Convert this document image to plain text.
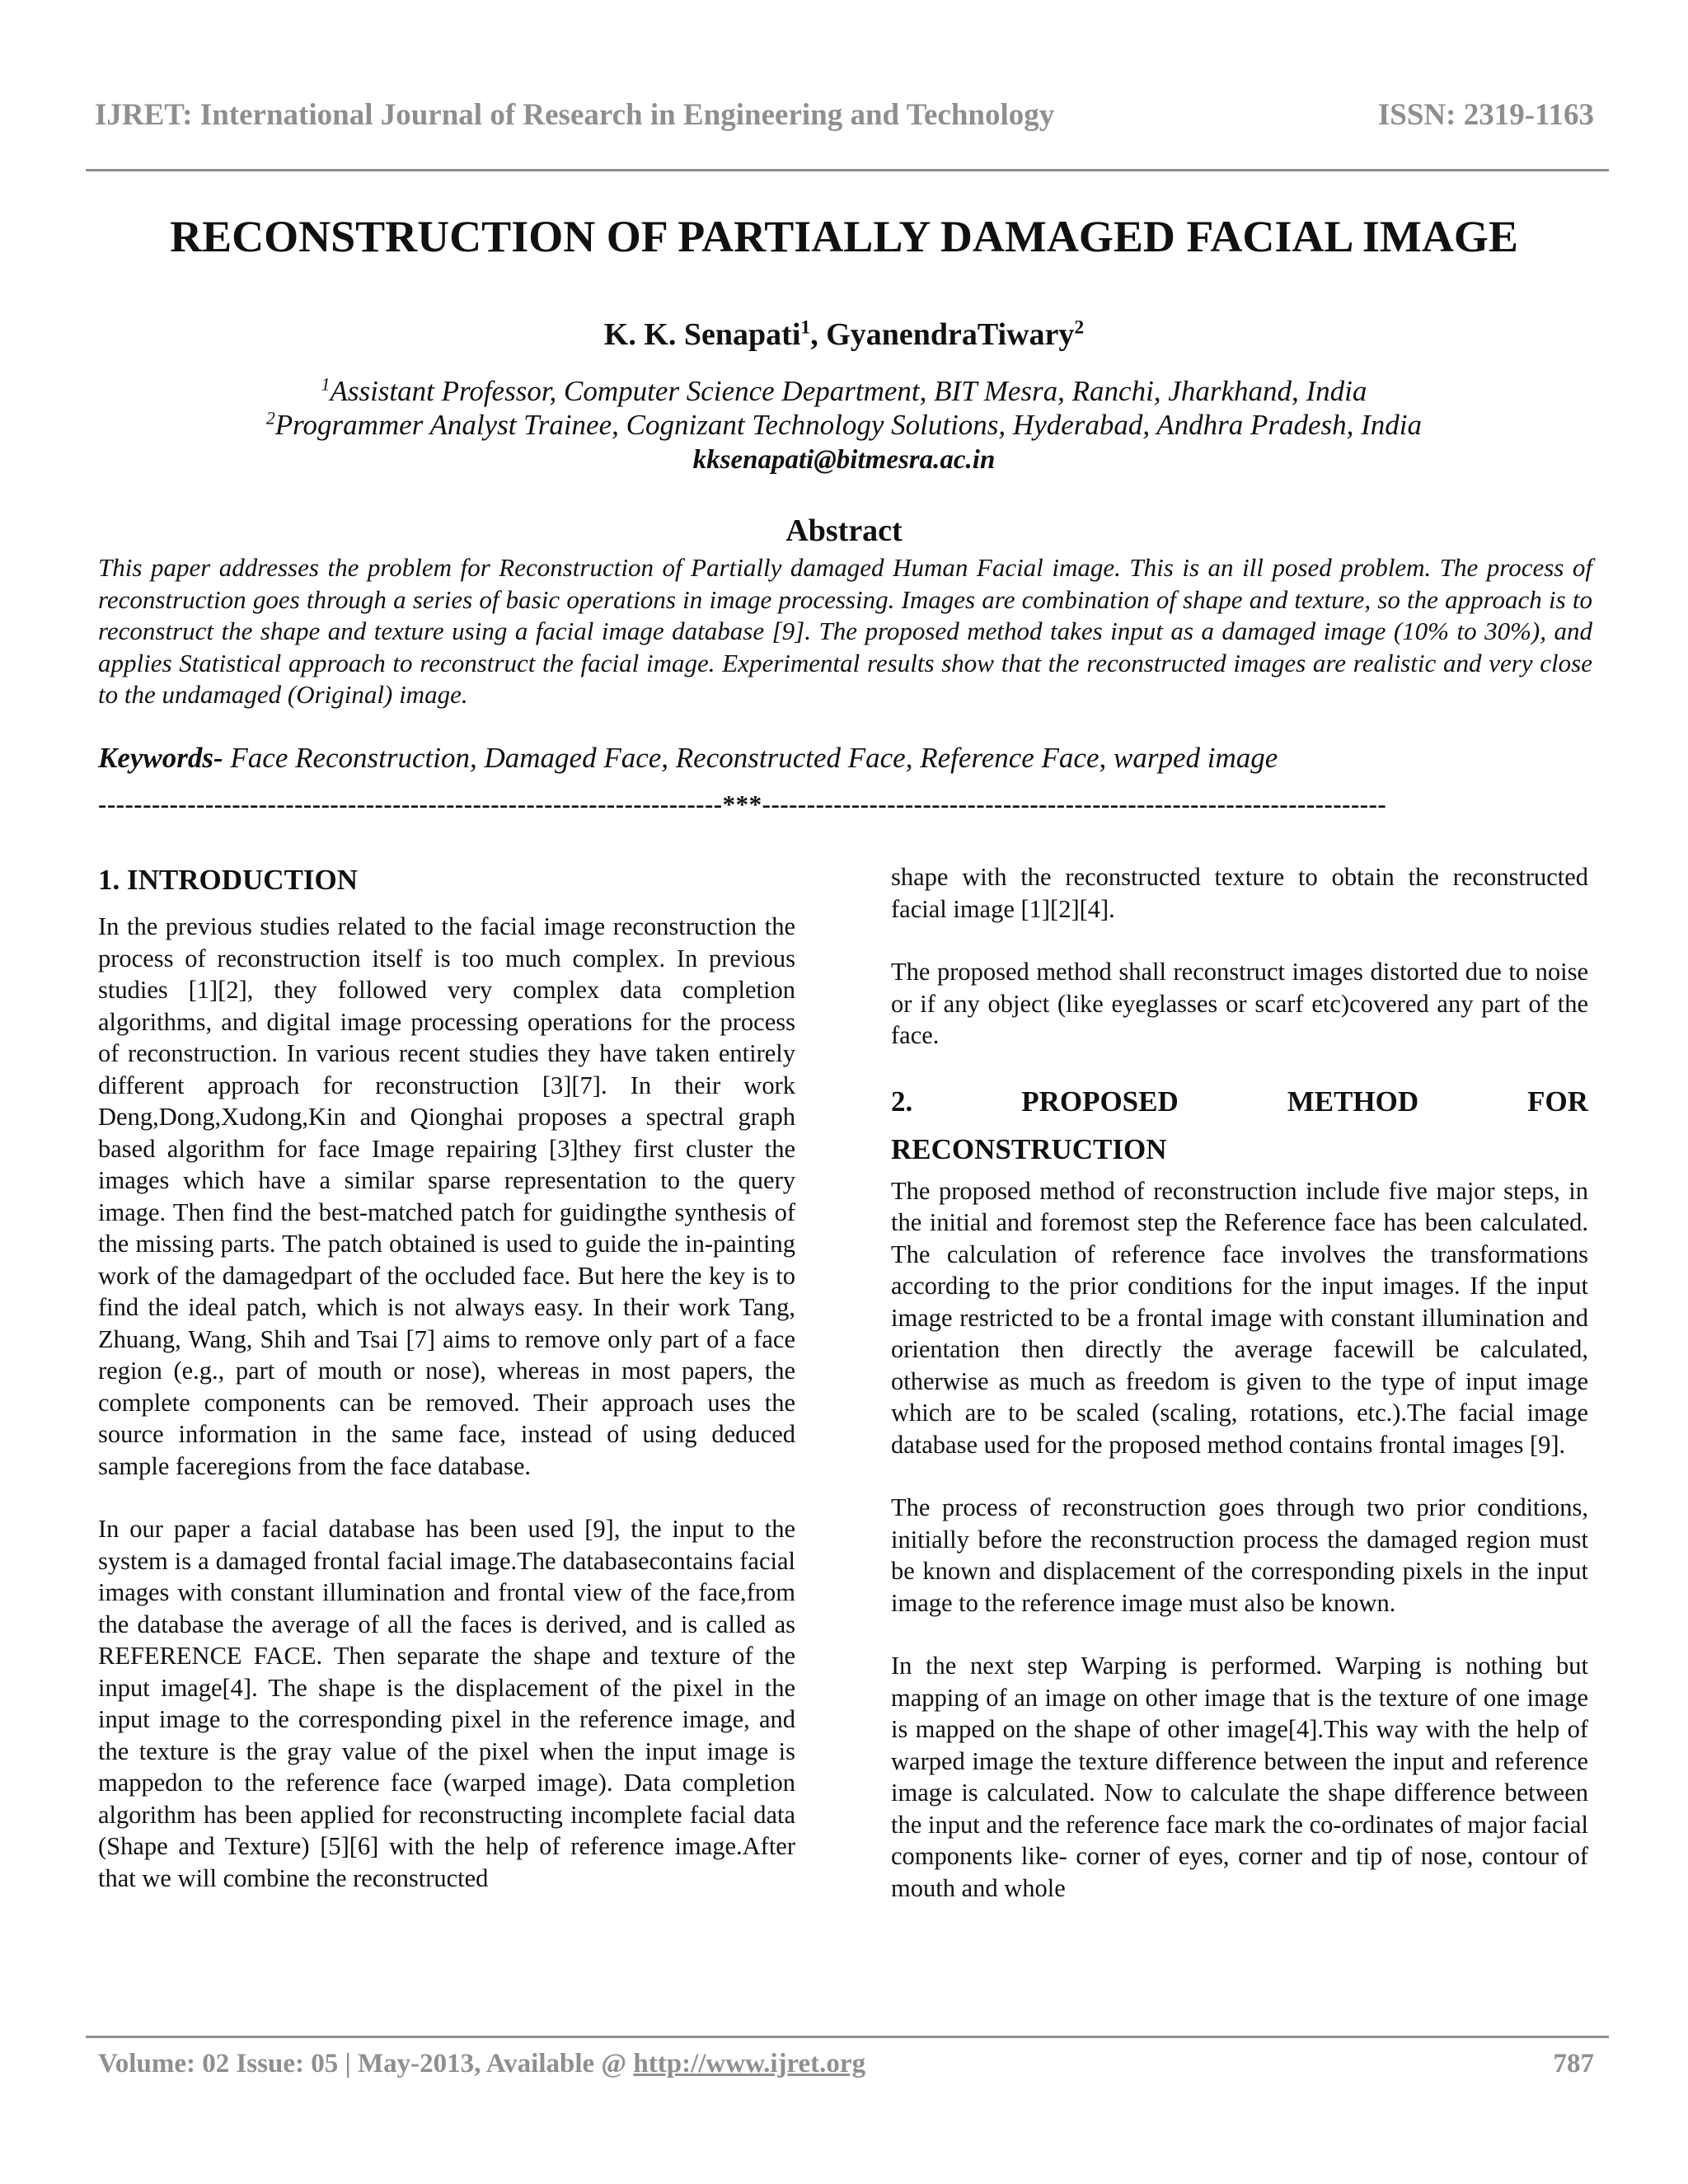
IJRET: International Journal of Research in Engineering and Technology	ISSN: 2319-1163
RECONSTRUCTION OF PARTIALLY DAMAGED FACIAL IMAGE
K. K. Senapati$^1$, GyanendraTiwary$^2$
$^1$Assistant Professor, Computer Science Department, BIT Mesra, Ranchi, Jharkhand, India
$^2$Programmer Analyst Trainee, Cognizant Technology Solutions, Hyderabad, Andhra Pradesh, India
kksenapati@bitmesra.ac.in
Abstract
This paper addresses the problem for Reconstruction of Partially damaged Human Facial image. This is an ill posed problem. The process of reconstruction goes through a series of basic operations in image processing. Images are combination of shape and texture, so the approach is to reconstruct the shape and texture using a facial image database [9]. The proposed method takes input as a damaged image (10% to 30%), and applies Statistical approach to reconstruct the facial image. Experimental results show that the reconstructed images are realistic and very close to the undamaged (Original) image.
Keywords- Face Reconstruction, Damaged Face, Reconstructed Face, Reference Face, warped image
----------------------------------------------------------------------***----------------------------------------------------------------------
1. INTRODUCTION

In the previous studies related to the facial image reconstruction the process of reconstruction itself is too much complex. In previous studies [1][2], they followed very complex data completion algorithms, and digital image processing operations for the process of reconstruction. In various recent studies they have taken entirely different approach for reconstruction [3][7]. In their work Deng,Dong,Xudong,Kin and Qionghai proposes a spectral graph based algorithm for face Image repairing [3]they first cluster the images which have a similar sparse representation to the query image. Then find the best-matched patch for guidingthe synthesis of the missing parts. The patch obtained is used to guide the in-painting work of the damagedpart of the occluded face. But here the key is to find the ideal patch, which is not always easy. In their work Tang, Zhuang, Wang, Shih and Tsai [7] aims to remove only part of a face region (e.g., part of mouth or nose), whereas in most papers, the complete components can be removed. Their approach uses the source information in the same face, instead of using deduced sample faceregions from the face database.

In our paper a facial database has been used [9], the input to the system is a damaged frontal facial image.The databasecontains facial images with constant illumination and frontal view of the face,from the database the average of all the faces is derived, and is called as REFERENCE FACE. Then separate the shape and texture of the input image[4]. The shape is the displacement of the pixel in the input image to the corresponding pixel in the reference image, and the texture is the gray value of the pixel when the input image is mappedon to the reference face (warped image). Data completion algorithm has been applied for reconstructing incomplete facial data (Shape and Texture) [5][6] with the help of reference image.After that we will combine the reconstructed

shape with the reconstructed texture to obtain the reconstructed facial image [1][2][4].

The proposed method shall reconstruct images distorted due to noise or if any object (like eyeglasses or scarf etc)covered any part of the face.

2.	PROPOSED	METHOD	FOR
RECONSTRUCTION

The proposed method of reconstruction include five major steps, in the initial and foremost step the Reference face has been calculated. The calculation of reference face involves the transformations according to the prior conditions for the input images. If the input image restricted to be a frontal image with constant illumination and orientation then directly the average facewill be calculated, otherwise as much as freedom is given to the type of input image which are to be scaled (scaling, rotations, etc.).The facial image database used for the proposed method contains frontal images [9].

The process of reconstruction goes through two prior conditions, initially before the reconstruction process the damaged region must be known and displacement of the corresponding pixels in the input image to the reference image must also be known.

In the next step Warping is performed. Warping is nothing but mapping of an image on other image that is the texture of one image is mapped on the shape of other image[4].This way with the help of warped image the texture difference between the input and reference image is calculated. Now to calculate the shape difference between the input and the reference face mark the co-ordinates of major facial components like- corner of eyes, corner and tip of nose, contour of mouth and whole

Volume: 02 Issue: 05 | May-2013, Available @ http://www.ijret.org	787
